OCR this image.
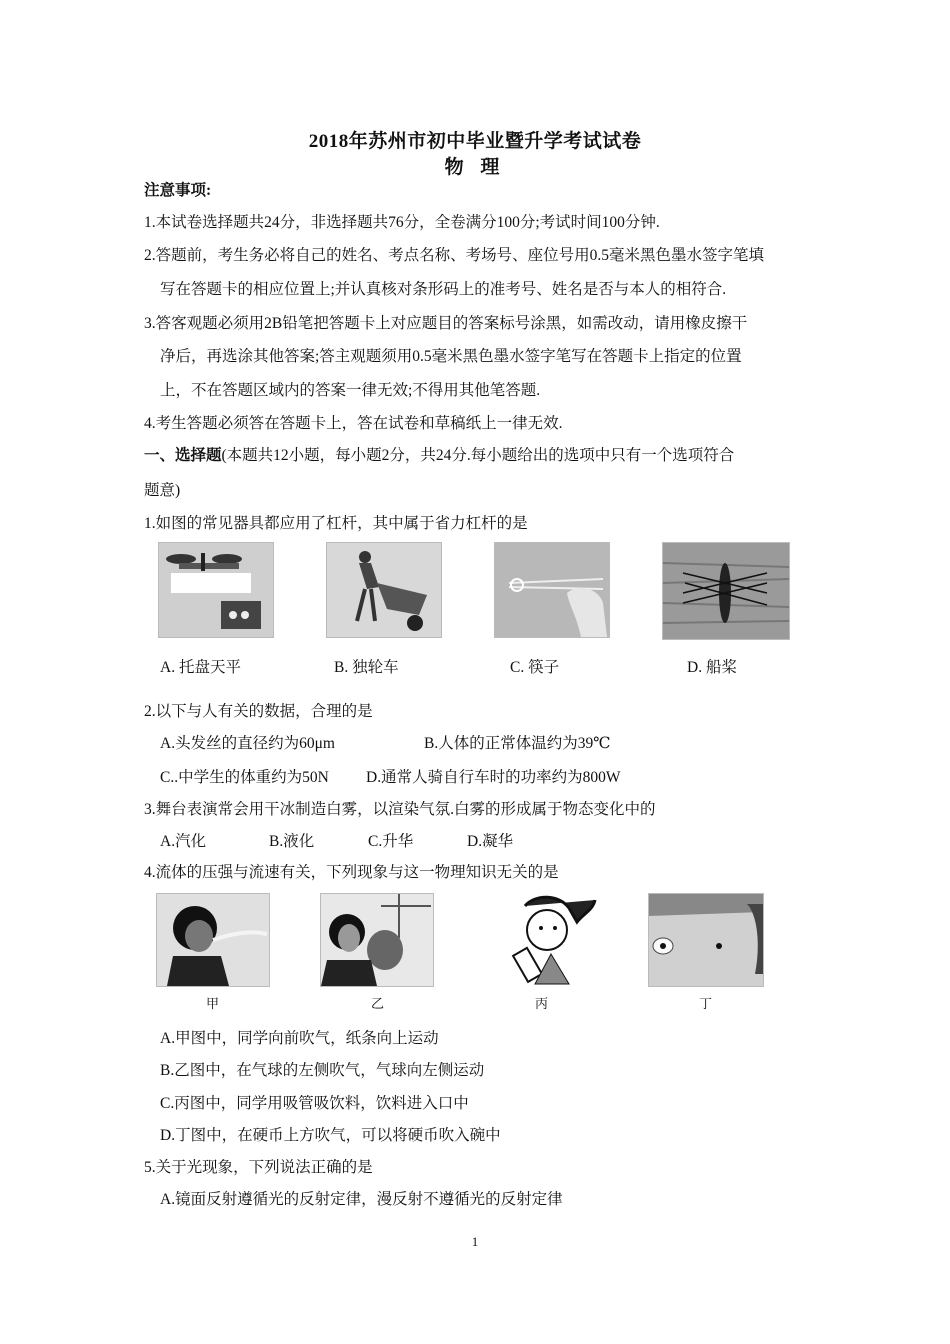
2018年苏州市初中毕业暨升学考试试卷
物 理
注意事项:
1.本试卷选择题共24分，非选择题共76分，全卷满分100分;考试时间100分钟.
2.答题前，考生务必将自己的姓名、考点名称、考场号、座位号用0.5毫米黑色墨水签字笔填
写在答题卡的相应位置上;并认真核对条形码上的准考号、姓名是否与本人的相符合.
3.答客观题必须用2B铅笔把答题卡上对应题目的答案标号涂黑，如需改动，请用橡皮擦干
净后，再选涂其他答案;答主观题须用0.5毫米黑色墨水签字笔写在答题卡上指定的位置
上，不在答题区域内的答案一律无效;不得用其他笔答题.
4.考生答题必须答在答题卡上，答在试卷和草稿纸上一律无效.
一、选择题(本题共12小题，每小题2分，共24分.每小题给出的选项中只有一个选项符合
题意)
1.如图的常见器具都应用了杠杆，其中属于省力杠杆的是
A. 托盘天平	B. 独轮车	C. 筷子	D. 船桨
2.以下与人有关的数据，合理的是
A.头发丝的直径约为60μm	B.人体的正常体温约为39℃
C..中学生的体重约为50N D.通常人骑自行车时的功率约为800W
3.舞台表演常会用干冰制造白雾，以渲染气氛.白雾的形成属于物态变化中的
A.汽化	B.液化	C.升华	D.凝华
4.流体的压强与流速有关，下列现象与这一物理知识无关的是
甲	乙	丙	丁
A.甲图中，同学向前吹气，纸条向上运动
B.乙图中，在气球的左侧吹气，气球向左侧运动
C.丙图中，同学用吸管吸饮料，饮料进入口中
D.丁图中，在硬币上方吹气，可以将硬币吹入碗中
5.关于光现象，下列说法正确的是
A.镜面反射遵循光的反射定律，漫反射不遵循光的反射定律
1
